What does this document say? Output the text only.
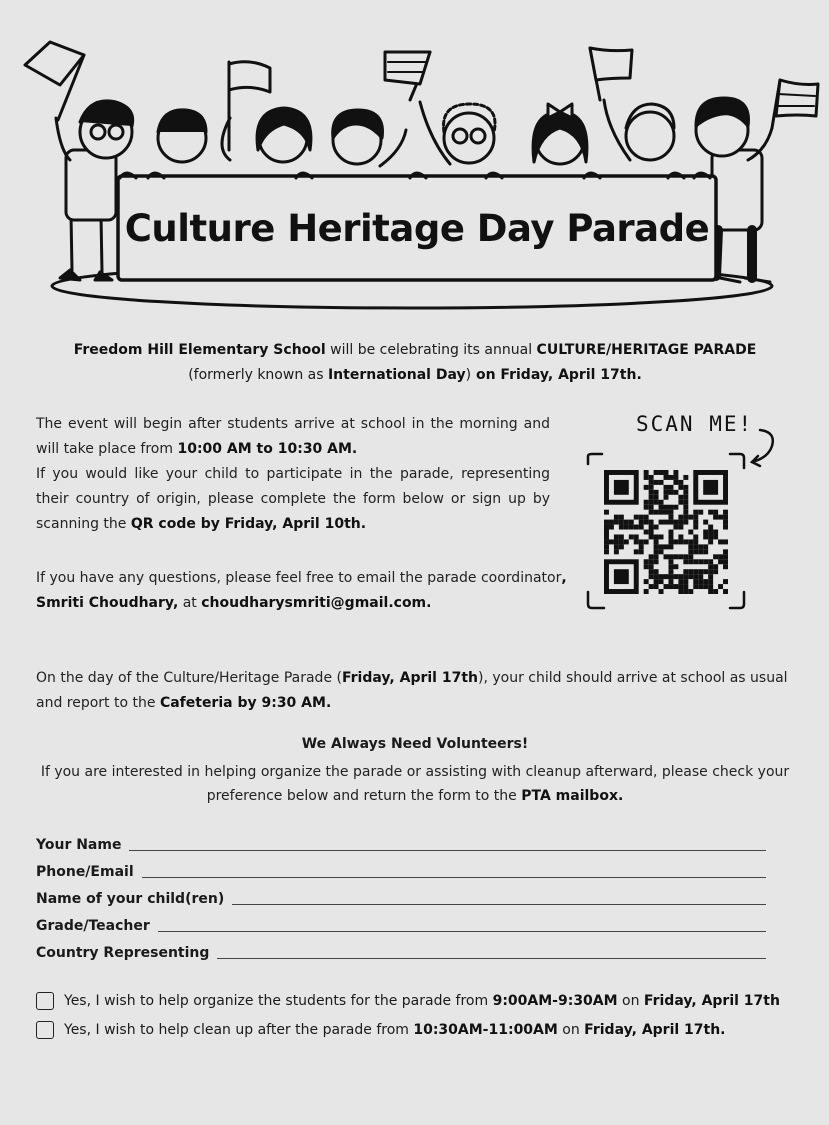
Culture Heritage Day Parade
Freedom Hill Elementary School will be celebrating its annual CULTURE/HERITAGE PARADE
(formerly known as International Day) on Friday, April 17th.
The event will begin after students arrive at school in the morning and will take place from 10:00 AM to 10:30 AM.
If you would like your child to participate in the parade, representing their country of origin, please complete the form below or sign up by scanning the QR code by Friday, April 10th.
If you have any questions, please feel free to email the parade coordinator, Smriti Choudhary, at choudharysmriti@gmail.com.
SCAN ME!
On the day of the Culture/Heritage Parade (Friday, April 17th), your child should arrive at school as usual and report to the Cafeteria by 9:30 AM.
We Always Need Volunteers!
If you are interested in helping organize the parade or assisting with cleanup afterward, please check your preference below and return the form to the PTA mailbox.
Your Name
Phone/Email
Name of your child(ren)
Grade/Teacher
Country Representing
Yes, I wish to help organize the students for the parade from 9:00AM-9:30AM on Friday, April 17th
Yes, I wish to help clean up after the parade from 10:30AM-11:00AM on Friday, April 17th.
